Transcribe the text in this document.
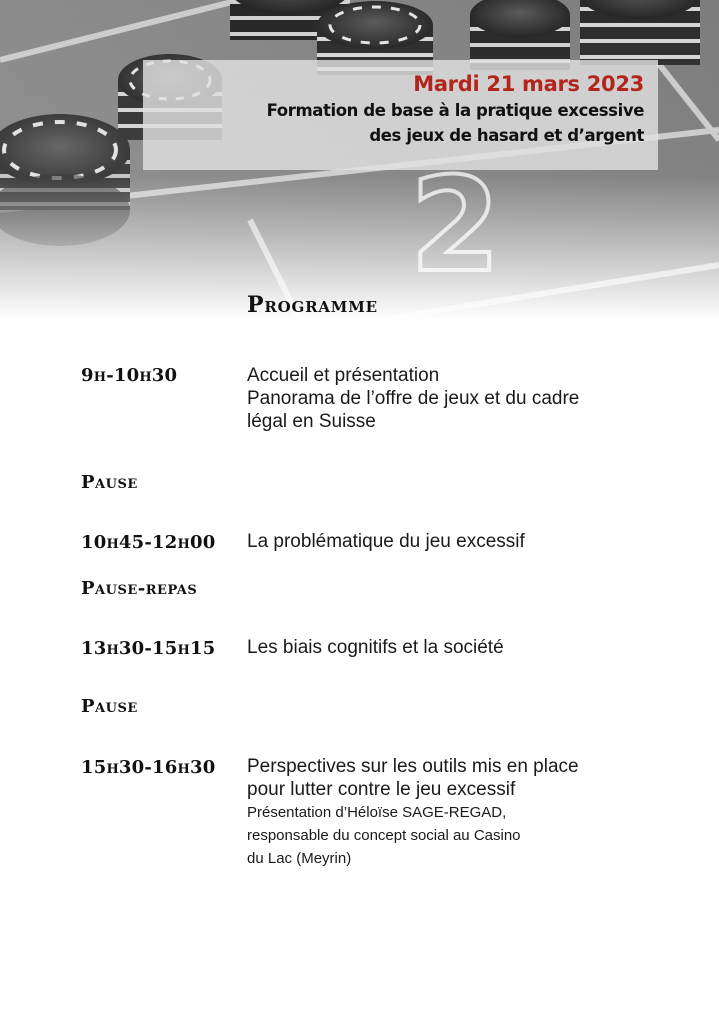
Mardi 21 mars 2023
Formation de base à la pratique excessive
des jeux de hasard et d’argent
Programme
9h-10h30	Accueil et présentation
Panorama de l’offre de jeux et du cadre
légal en Suisse
Pause
10h45-12h00 La problématique du jeu excessif
Pause-repas
13h30-15h15 Les biais cognitifs et la société
Pause
15h30-16h30 Perspectives sur les outils mis en place
pour lutter contre le jeu excessif
Présentation d’Héloïse SAGE-REGAD,
responsable du concept social au Casino
du Lac (Meyrin)
